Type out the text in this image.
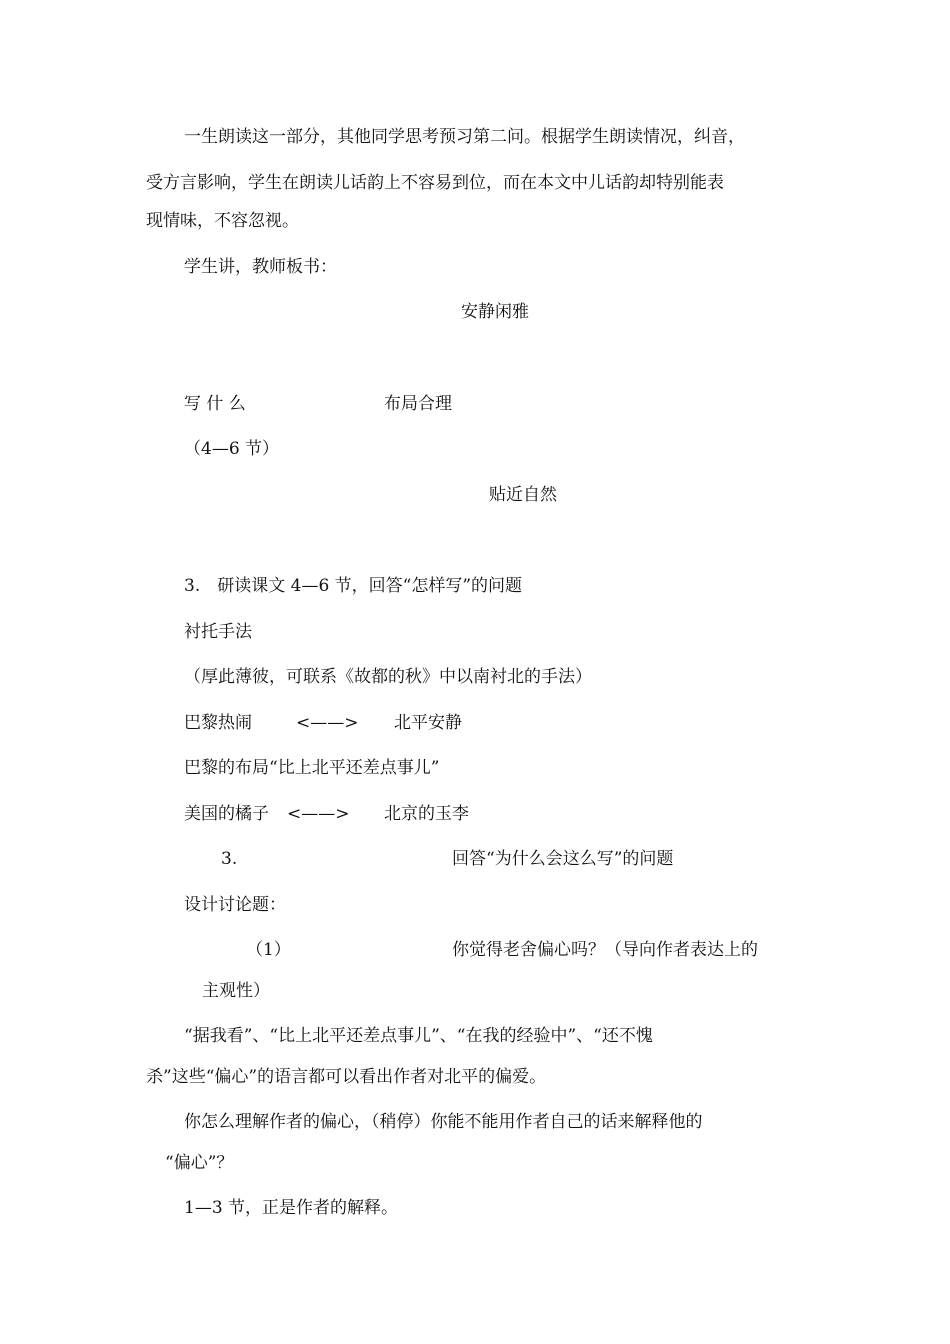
一生朗读这一部分，其他同学思考预习第二问。根据学生朗读情况，纠音，

受方言影响，学生在朗读儿话韵上不容易到位，而在本文中儿话韵却特别能表

现情味，不容忽视。

学生讲，教师板书：

安静闲雅

写 什 么	布局合理

（4—6 节）

贴近自然

3.　研读课文 4—6 节，回答“怎样写”的问题

衬托手法

（厚此薄彼，可联系《故都的秋》中以南衬北的手法）

巴黎热闹	<——> 北平安静

巴黎的布局“比上北平还差点事儿”

美国的橘子 <——> 北京的玉李

3.	回答“为什么会这么写”的问题

设计讨论题：

（1）	你觉得老舍偏心吗？（导向作者表达上的

主观性）

“据我看”、“比上北平还差点事儿”、“在我的经验中”、“还不愧

杀”这些“偏心”的语言都可以看出作者对北平的偏爱。

你怎么理解作者的偏心，（稍停）你能不能用作者自己的话来解释他的

“偏心”？

1—3 节，正是作者的解释。
